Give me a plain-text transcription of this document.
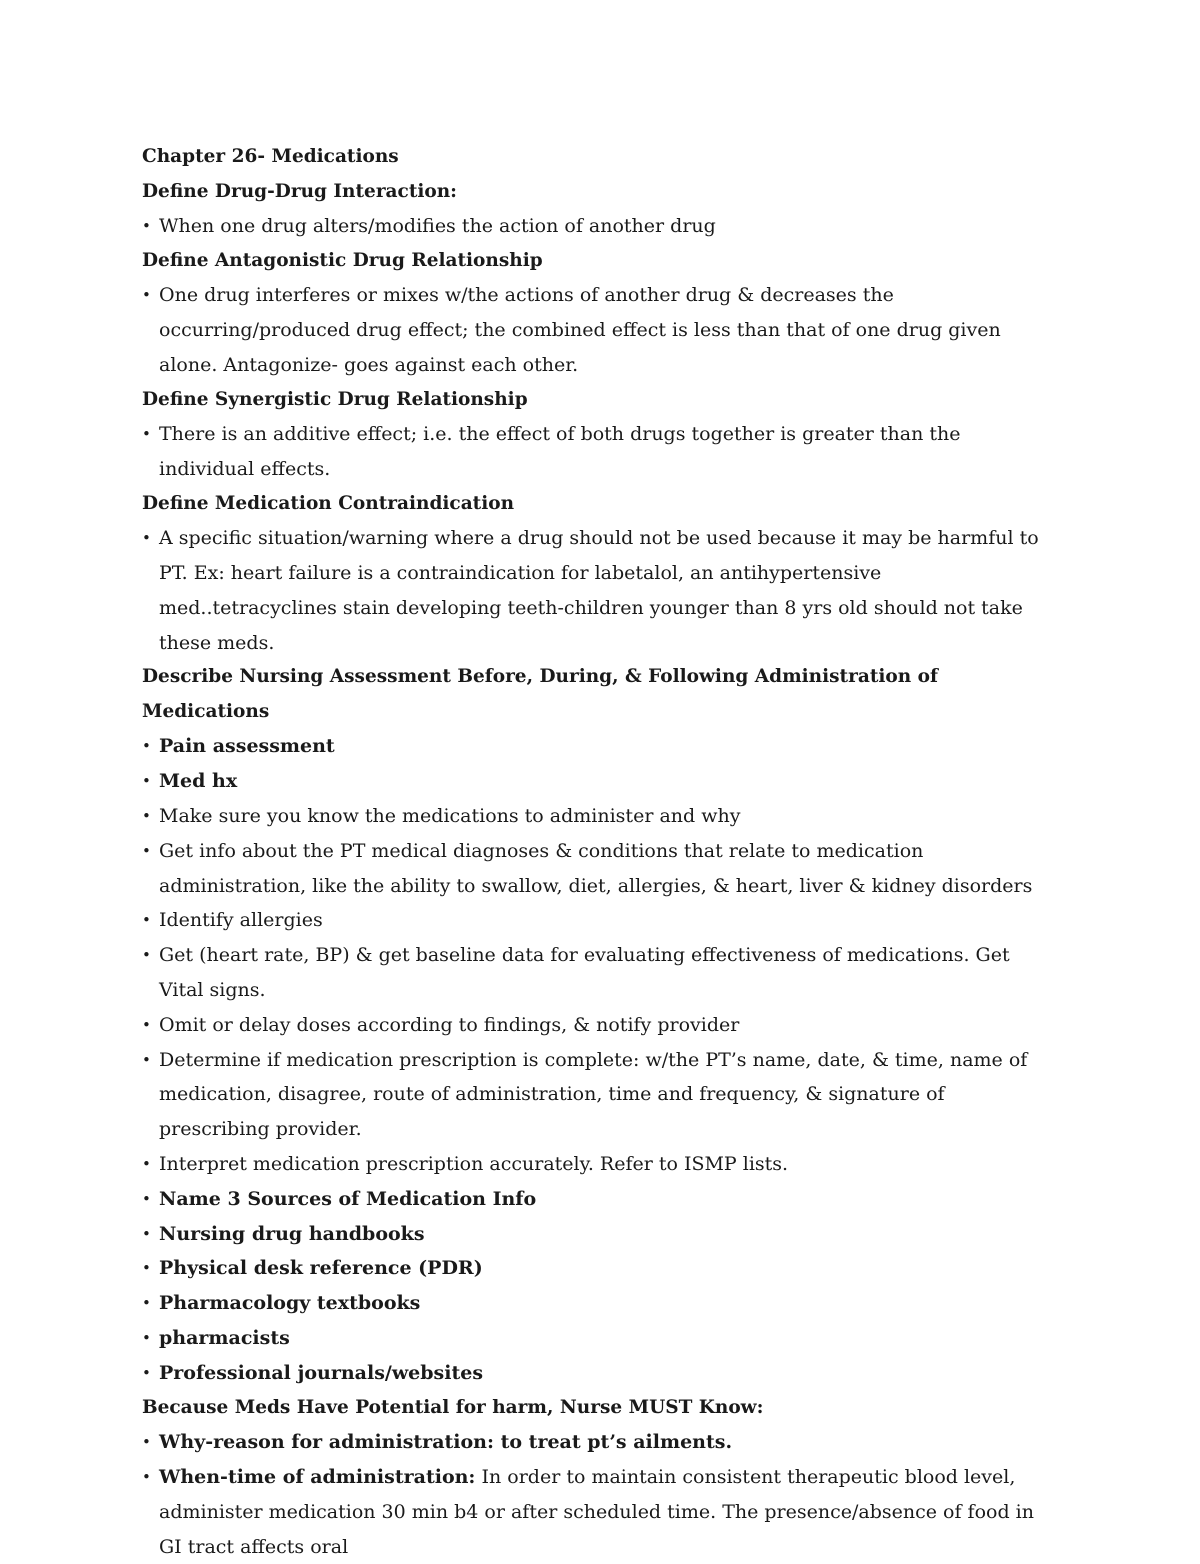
Chapter 26- Medications

Define Drug-Drug Interaction:

• When one drug alters/modifies the action of another drug

Define Antagonistic Drug Relationship

• One drug interferes or mixes w/the actions of another drug & decreases the occurring/produced drug effect; the combined effect is less than that of one drug given alone. Antagonize- goes against each other.

Define Synergistic Drug Relationship

• There is an additive effect; i.e. the effect of both drugs together is greater than the individual effects.

Define Medication Contraindication

• A specific situation/warning where a drug should not be used because it may be harmful to PT. Ex: heart failure is a contraindication for labetalol, an antihypertensive med..tetracyclines stain developing teeth-children younger than 8 yrs old should not take these meds.

Describe Nursing Assessment Before, During, & Following Administration of Medications

• Pain assessment
• Med hx
• Make sure you know the medications to administer and why
• Get info about the PT medical diagnoses & conditions that relate to medication administration, like the ability to swallow, diet, allergies, & heart, liver & kidney disorders
• Identify allergies
• Get (heart rate, BP) & get baseline data for evaluating effectiveness of medications. Get Vital signs.
• Omit or delay doses according to findings, & notify provider
• Determine if medication prescription is complete: w/the PT’s name, date, & time, name of medication, disagree, route of administration, time and frequency, & signature of prescribing provider.
• Interpret medication prescription accurately. Refer to ISMP lists.
• Name 3 Sources of Medication Info
• Nursing drug handbooks
• Physical desk reference (PDR)
• Pharmacology textbooks
• pharmacists
• Professional journals/websites

Because Meds Have Potential for harm, Nurse MUST Know:

• Why-reason for administration: to treat pt’s ailments.
• When-time of administration: In order to maintain consistent therapeutic blood level, administer medication 30 min b4 or after scheduled time. The presence/absence of food in GI tract affects oral
